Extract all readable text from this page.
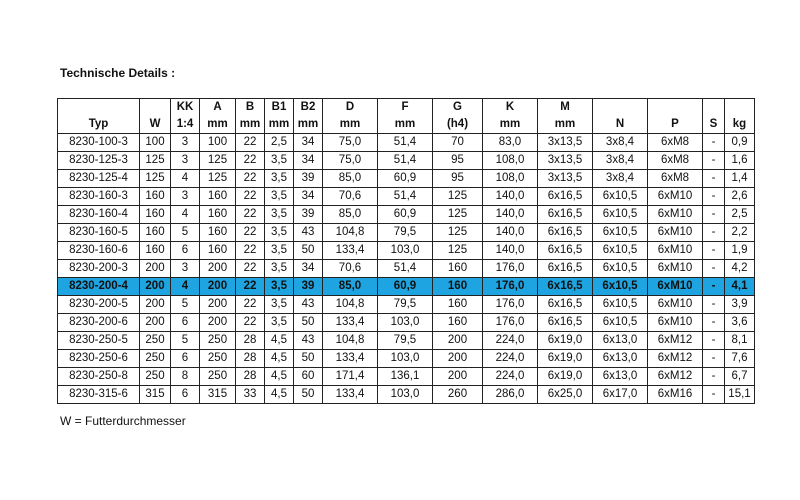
Technische Details :
		KK	A	B	B1	B2	D	F	G	K	M				
Typ	W	1:4	mm	mm	mm	mm	mm	mm	(h4)	mm	mm	N	P	S	kg
8230-100-3	100	3	100	22	2,5	34	75,0	51,4	70	83,0	3x13,5	3x8,4	6xM8	-	0,9
8230-125-3	125	3	125	22	3,5	34	75,0	51,4	95	108,0	3x13,5	3x8,4	6xM8	-	1,6
8230-125-4	125	4	125	22	3,5	39	85,0	60,9	95	108,0	3x13,5	3x8,4	6xM8	-	1,4
8230-160-3	160	3	160	22	3,5	34	70,6	51,4	125	140,0	6x16,5	6x10,5	6xM10	-	2,6
8230-160-4	160	4	160	22	3,5	39	85,0	60,9	125	140,0	6x16,5	6x10,5	6xM10	-	2,5
8230-160-5	160	5	160	22	3,5	43	104,8	79,5	125	140,0	6x16,5	6x10,5	6xM10	-	2,2
8230-160-6	160	6	160	22	3,5	50	133,4	103,0	125	140,0	6x16,5	6x10,5	6xM10	-	1,9
8230-200-3	200	3	200	22	3,5	34	70,6	51,4	160	176,0	6x16,5	6x10,5	6xM10	-	4,2
8230-200-4	200	4	200	22	3,5	39	85,0	60,9	160	176,0	6x16,5	6x10,5	6xM10	-	4,1
8230-200-5	200	5	200	22	3,5	43	104,8	79,5	160	176,0	6x16,5	6x10,5	6xM10	-	3,9
8230-200-6	200	6	200	22	3,5	50	133,4	103,0	160	176,0	6x16,5	6x10,5	6xM10	-	3,6
8230-250-5	250	5	250	28	4,5	43	104,8	79,5	200	224,0	6x19,0	6x13,0	6xM12	-	8,1
8230-250-6	250	6	250	28	4,5	50	133,4	103,0	200	224,0	6x19,0	6x13,0	6xM12	-	7,6
8230-250-8	250	8	250	28	4,5	60	171,4	136,1	200	224,0	6x19,0	6x13,0	6xM12	-	6,7
8230-315-6	315	6	315	33	4,5	50	133,4	103,0	260	286,0	6x25,0	6x17,0	6xM16	-	15,1
W = Futterdurchmesser
